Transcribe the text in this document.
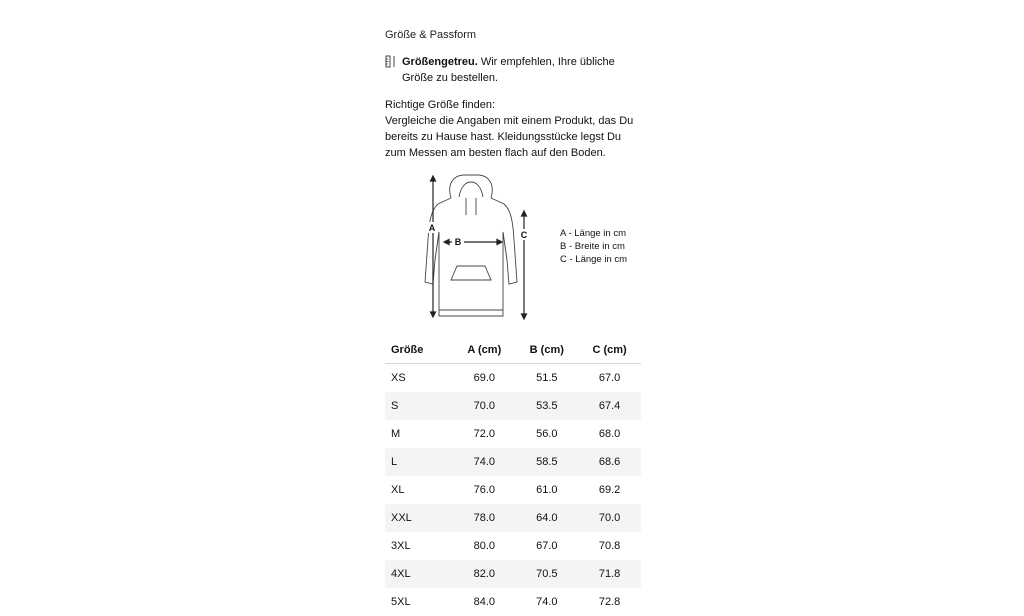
Größe & Passform
Größengetreu. Wir empfehlen, Ihre übliche Größe zu bestellen.
Richtige Größe finden:
Vergleiche die Angaben mit einem Produkt, das Du bereits zu Hause hast. Kleidungsstücke legst Du zum Messen am besten flach auf den Boden.
A
B
C	A - Länge in cm
B - Breite in cm
C - Länge in cm
Größe	A (cm)	B (cm)	C (cm)
XS	69.0	51.5	67.0
S	70.0	53.5	67.4
M	72.0	56.0	68.0
L	74.0	58.5	68.6
XL	76.0	61.0	69.2
XXL	78.0	64.0	70.0
3XL	80.0	67.0	70.8
4XL	82.0	70.5	71.8
5XL	84.0	74.0	72.8
